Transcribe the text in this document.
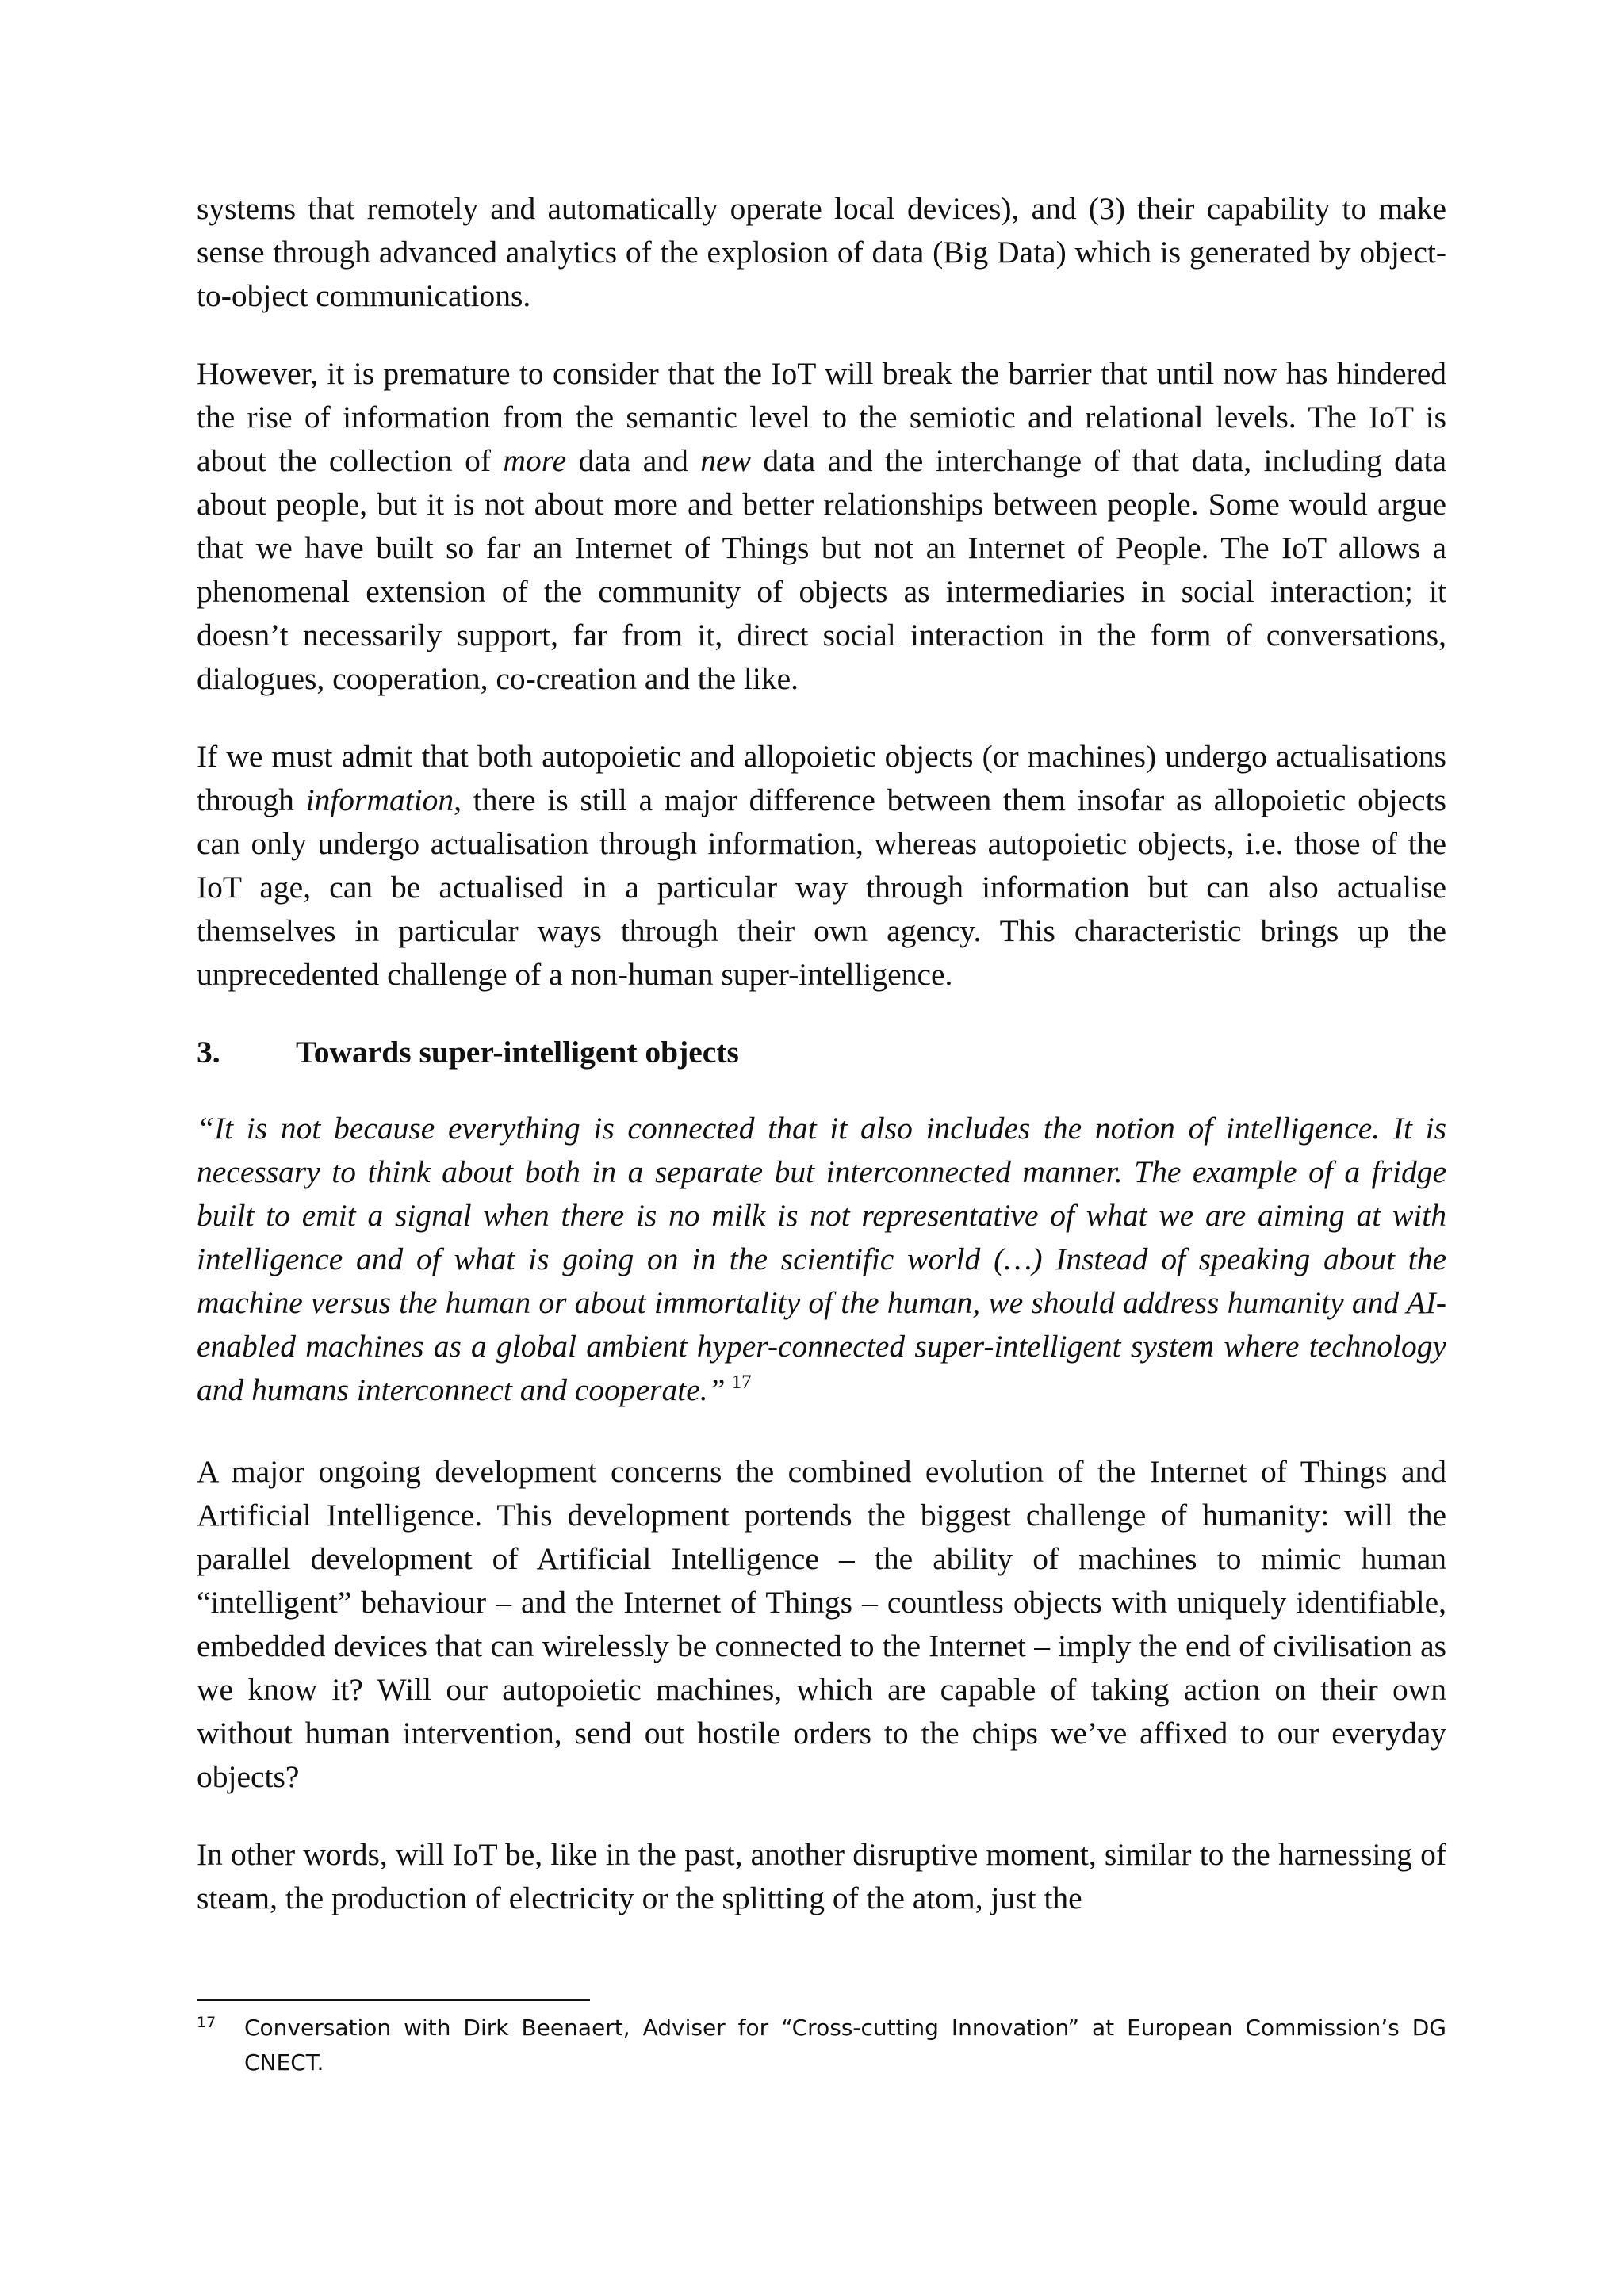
systems that remotely and automatically operate local devices), and (3) their capability to make sense through advanced analytics of the explosion of data (Big Data) which is generated by object-to-object communications.

However, it is premature to consider that the IoT will break the barrier that until now has hindered the rise of information from the semantic level to the semiotic and relational levels. The IoT is about the collection of more data and new data and the interchange of that data, including data about people, but it is not about more and better relationships between people. Some would argue that we have built so far an Internet of Things but not an Internet of People. The IoT allows a phenomenal extension of the community of objects as intermediaries in social interaction; it doesn’t necessarily support, far from it, direct social interaction in the form of conversations, dialogues, cooperation, co-creation and the like.

If we must admit that both autopoietic and allopoietic objects (or machines) undergo actualisations through information, there is still a major difference between them insofar as allopoietic objects can only undergo actualisation through information, whereas autopoietic objects, i.e. those of the IoT age, can be actualised in a particular way through information but can also actualise themselves in particular ways through their own agency. This characteristic brings up the unprecedented challenge of a non-human super-intelligence.

3.	Towards super-intelligent objects

“It is not because everything is connected that it also includes the notion of intelligence. It is necessary to think about both in a separate but interconnected manner. The example of a fridge built to emit a signal when there is no milk is not representative of what we are aiming at with intelligence and of what is going on in the scientific world (…) Instead of speaking about the machine versus the human or about immortality of the human, we should address humanity and AI-enabled machines as a global ambient hyper-connected super-intelligent system where technology and humans interconnect and cooperate.” $^{17}$

A major ongoing development concerns the combined evolution of the Internet of Things and Artificial Intelligence. This development portends the biggest challenge of humanity: will the parallel development of Artificial Intelligence – the ability of machines to mimic human “intelligent” behaviour – and the Internet of Things – countless objects with uniquely identifiable, embedded devices that can wirelessly be connected to the Internet – imply the end of civilisation as we know it? Will our autopoietic machines, which are capable of taking action on their own without human intervention, send out hostile orders to the chips we’ve affixed to our everyday objects?

In other words, will IoT be, like in the past, another disruptive moment, similar to the harnessing of steam, the production of electricity or the splitting of the atom, just the

17	Conversation with Dirk Beenaert, Adviser for “Cross-cutting Innovation” at European Commission’s DG CNECT.
